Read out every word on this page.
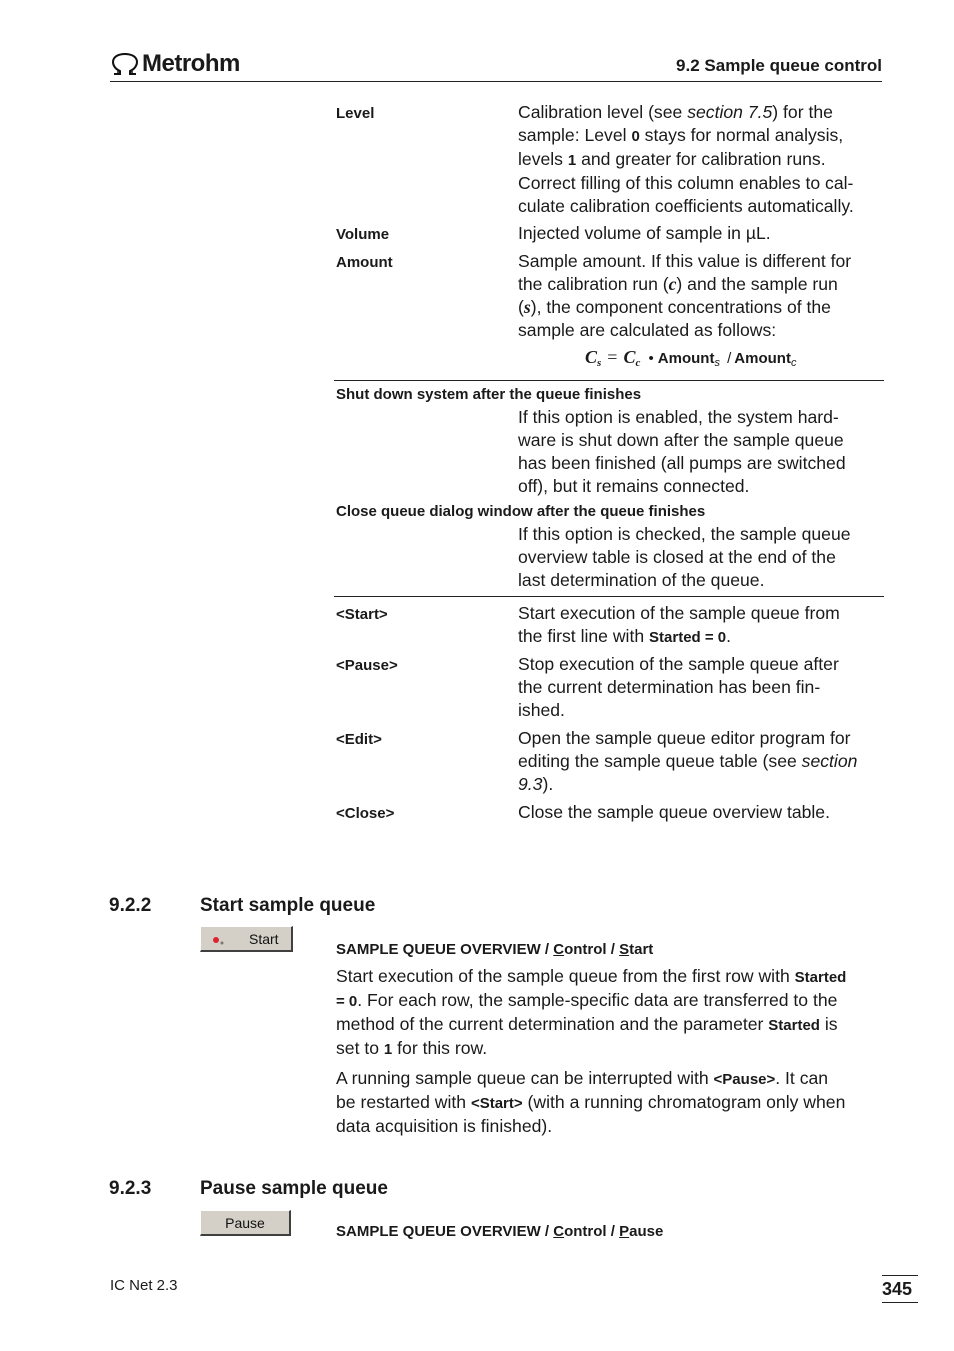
Metrohm	9.2 Sample queue control
Level	Calibration level (see section 7.5) for the
sample: Level 0 stays for normal analysis,
levels 1 and greater for calibration runs.
Correct filling of this column enables to cal-
culate calibration coefficients automatically.
Volume	Injected volume of sample in µL.
Amount	Sample amount. If this value is different for
the calibration run (c) and the sample run
(s), the component concentrations of the
sample are calculated as follows:
$C_s = C_c$ • Amount$_s$ / Amount$_c$
Shut down system after the queue finishes
If this option is enabled, the system hard-
ware is shut down after the sample queue
has been finished (all pumps are switched
off), but it remains connected.
Close queue dialog window after the queue finishes
If this option is checked, the sample queue
overview table is closed at the end of the
last determination of the queue.
<Start>	Start execution of the sample queue from
the first line with Started = 0.
<Pause>	Stop execution of the sample queue after
the current determination has been fin-
ished.
<Edit>	Open the sample queue editor program for
editing the sample queue table (see section
9.3).
<Close>	Close the sample queue overview table.
9.2.2	Start sample queue
Start
SAMPLE QUEUE OVERVIEW / Control / Start
Start execution of the sample queue from the first row with Started
= 0. For each row, the sample-specific data are transferred to the
method of the current determination and the parameter Started is
set to 1 for this row.
A running sample queue can be interrupted with <Pause>. It can
be restarted with <Start> (with a running chromatogram only when
data acquisition is finished).
9.2.3	Pause sample queue
Pause
SAMPLE QUEUE OVERVIEW / Control / Pause
IC Net 2.3	345
